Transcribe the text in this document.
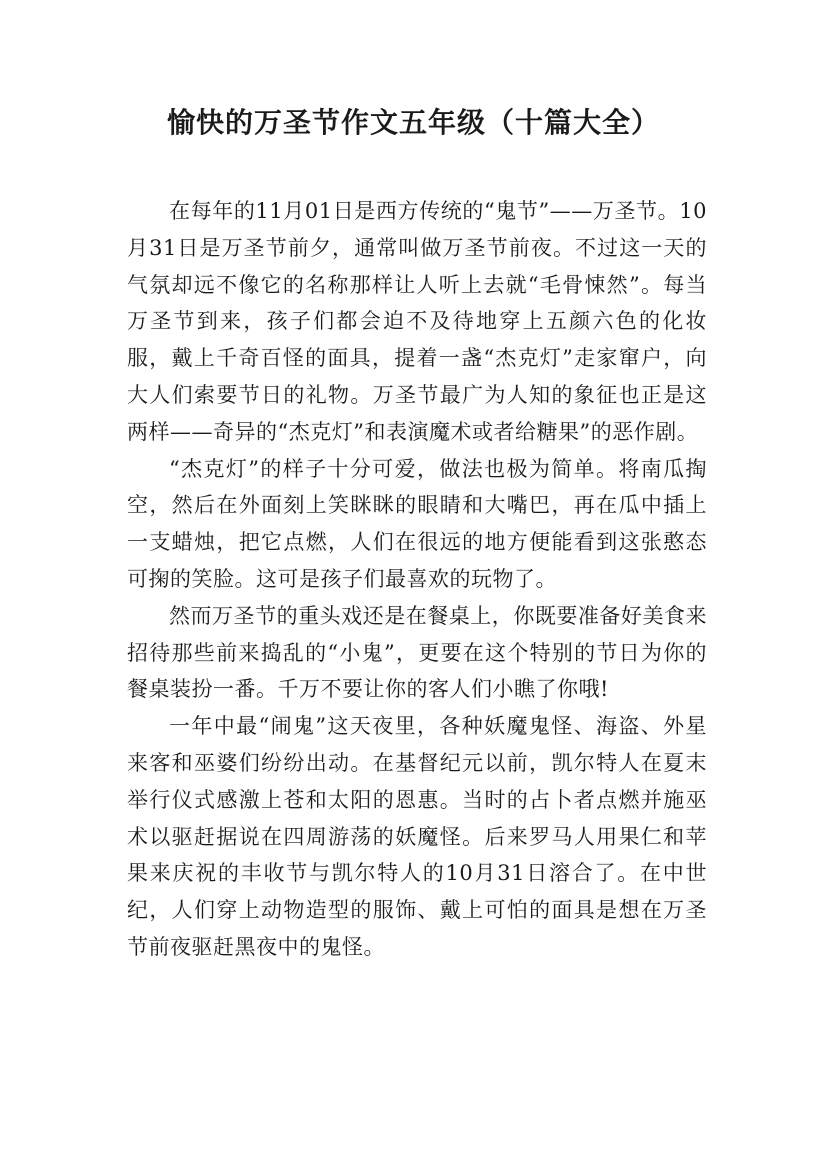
愉快的万圣节作文五年级（十篇大全）

在每年的11月01日是西方传统的“鬼节”——万圣节。10月31日是万圣节前夕，通常叫做万圣节前夜。不过这一天的气氛却远不像它的名称那样让人听上去就“毛骨悚然”。每当万圣节到来，孩子们都会迫不及待地穿上五颜六色的化妆服，戴上千奇百怪的面具，提着一盏“杰克灯”走家窜户，向大人们索要节日的礼物。万圣节最广为人知的象征也正是这两样——奇异的“杰克灯”和表演魔术或者给糖果”的恶作剧。

“杰克灯”的样子十分可爱，做法也极为简单。将南瓜掏空，然后在外面刻上笑眯眯的眼睛和大嘴巴，再在瓜中插上一支蜡烛，把它点燃，人们在很远的地方便能看到这张憨态可掬的笑脸。这可是孩子们最喜欢的玩物了。

然而万圣节的重头戏还是在餐桌上，你既要准备好美食来招待那些前来捣乱的“小鬼”，更要在这个特别的节日为你的餐桌装扮一番。千万不要让你的客人们小瞧了你哦!

一年中最“闹鬼”这天夜里，各种妖魔鬼怪、海盗、外星来客和巫婆们纷纷出动。在基督纪元以前，凯尔特人在夏末举行仪式感激上苍和太阳的恩惠。当时的占卜者点燃并施巫术以驱赶据说在四周游荡的妖魔怪。后来罗马人用果仁和苹果来庆祝的丰收节与凯尔特人的10月31日溶合了。在中世纪，人们穿上动物造型的服饰、戴上可怕的面具是想在万圣节前夜驱赶黑夜中的鬼怪。
